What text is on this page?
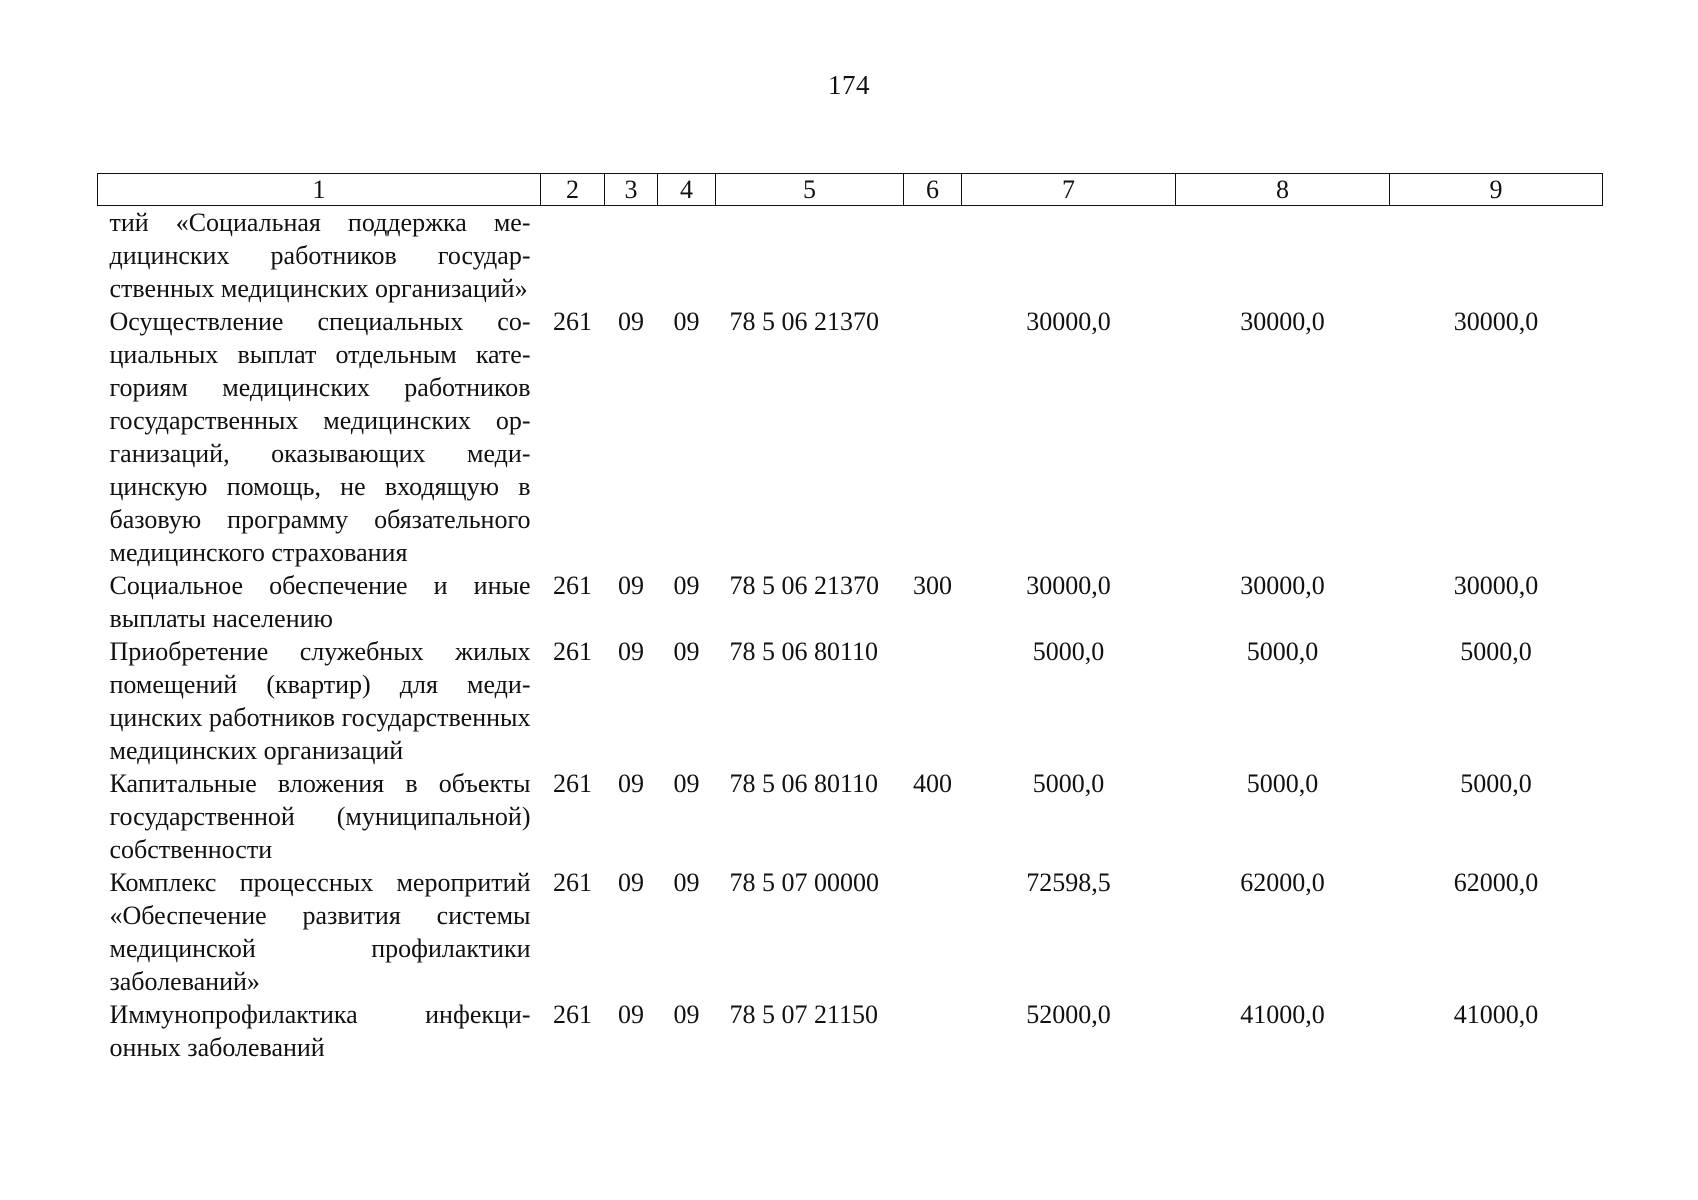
174
1	2	3	4	5	6	7	8	9
тий «Социальная поддержка медицинских работников государственных медицинских организаций»								
Осуществление специальных социальных выплат отдельным категориям медицинских работников государственных медицинских организаций, оказывающих медицинскую помощь, не входящую в базовую программу обязательного медицинского страхования	261	09	09	78 5 06 21370		30000,0	30000,0	30000,0
Социальное обеспечение и иные выплаты населению	261	09	09	78 5 06 21370	300	30000,0	30000,0	30000,0
Приобретение служебных жилых помещений (квартир) для медицинских работников государственных медицинских организаций	261	09	09	78 5 06 80110		5000,0	5000,0	5000,0
Капитальные вложения в объекты государственной (муниципальной) собственности	261	09	09	78 5 06 80110	400	5000,0	5000,0	5000,0
Комплекс процессных меропритий «Обеспечение развития системы медицинской профилактики заболеваний»	261	09	09	78 5 07 00000		72598,5	62000,0	62000,0
Иммунопрофилактика инфекционных заболеваний	261	09	09	78 5 07 21150		52000,0	41000,0	41000,0
